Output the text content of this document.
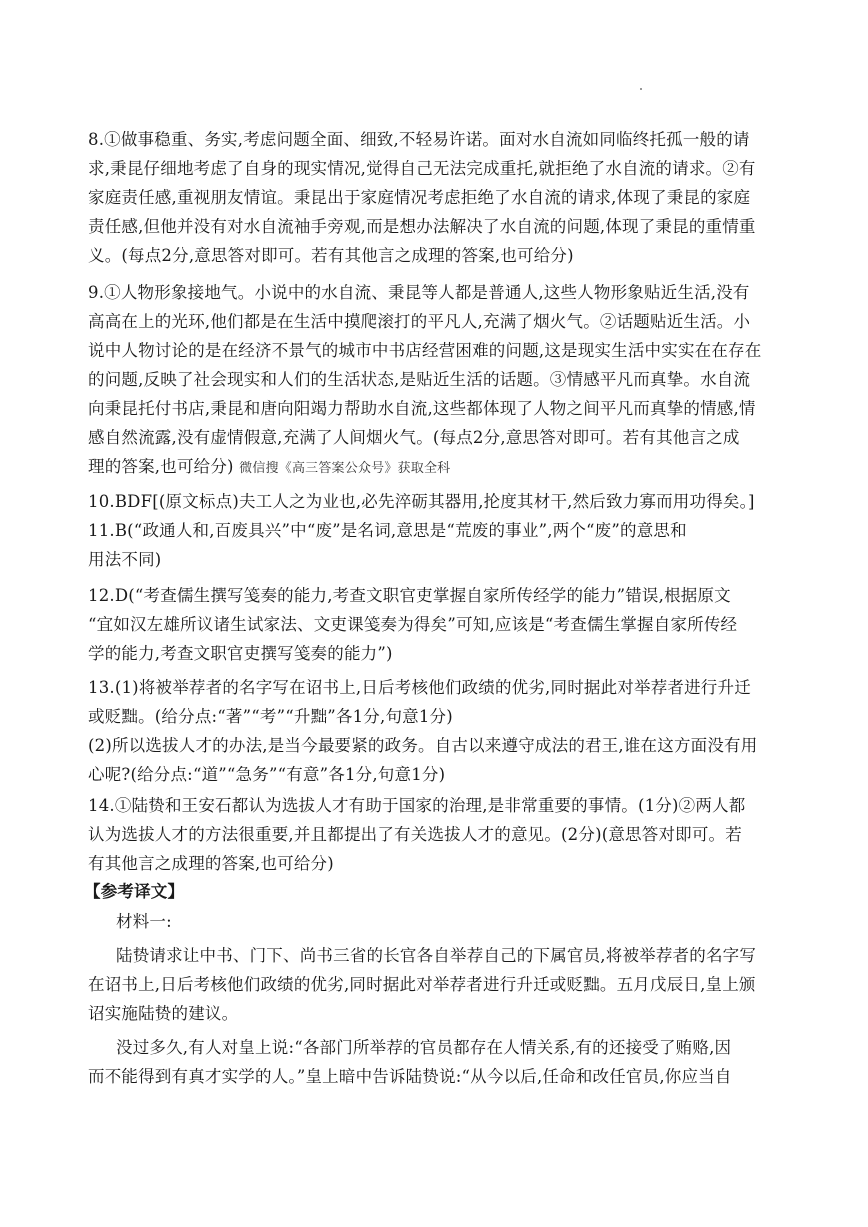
8.①做事稳重、务实,考虑问题全面、细致,不轻易许诺。面对水自流如同临终托孤一般的请
求,秉昆仔细地考虑了自身的现实情况,觉得自己无法完成重托,就拒绝了水自流的请求。②有
家庭责任感,重视朋友情谊。秉昆出于家庭情况考虑拒绝了水自流的请求,体现了秉昆的家庭
责任感,但他并没有对水自流袖手旁观,而是想办法解决了水自流的问题,体现了秉昆的重情重
义。(每点2分,意思答对即可。若有其他言之成理的答案,也可给分)
9.①人物形象接地气。小说中的水自流、秉昆等人都是普通人,这些人物形象贴近生活,没有
高高在上的光环,他们都是在生活中摸爬滚打的平凡人,充满了烟火气。②话题贴近生活。小
说中人物讨论的是在经济不景气的城市中书店经营困难的问题,这是现实生活中实实在在存在
的问题,反映了社会现实和人们的生活状态,是贴近生活的话题。③情感平凡而真挚。水自流
向秉昆托付书店,秉昆和唐向阳竭力帮助水自流,这些都体现了人物之间平凡而真挚的情感,情
感自然流露,没有虚情假意,充满了人间烟火气。(每点2分,意思答对即可。若有其他言之成
理的答案,也可给分) 微信搜《高三答案公众号》获取全科
10.BDF[(原文标点)夫工人之为业也,必先淬砺其器用,抡度其材干,然后致力寡而用功得矣。]
11.B(“政通人和,百废具兴”中“废”是名词,意思是“荒废的事业”,两个“废”的意思和
用法不同)
12.D(“考查儒生撰写笺奏的能力,考查文职官吏掌握自家所传经学的能力”错误,根据原文
“宜如汉左雄所议诸生试家法、文吏课笺奏为得矣”可知,应该是“考查儒生掌握自家所传经
学的能力,考查文职官吏撰写笺奏的能力”)
13.(1)将被举荐者的名字写在诏书上,日后考核他们政绩的优劣,同时据此对举荐者进行升迁
或贬黜。(给分点:“著”“考”“升黜”各1分,句意1分)
(2)所以选拔人才的办法,是当今最要紧的政务。自古以来遵守成法的君王,谁在这方面没有用
心呢?(给分点:“道”“急务”“有意”各1分,句意1分)
14.①陆贽和王安石都认为选拔人才有助于国家的治理,是非常重要的事情。(1分)②两人都
认为选拔人才的方法很重要,并且都提出了有关选拔人才的意见。(2分)(意思答对即可。若
有其他言之成理的答案,也可给分)
【参考译文】
材料一:
陆贽请求让中书、门下、尚书三省的长官各自举荐自己的下属官员,将被举荐者的名字写
在诏书上,日后考核他们政绩的优劣,同时据此对举荐者进行升迁或贬黜。五月戊辰日,皇上颁
诏实施陆贽的建议。
没过多久,有人对皇上说:“各部门所举荐的官员都存在人情关系,有的还接受了贿赂,因
而不能得到有真才实学的人。”皇上暗中告诉陆贽说:“从今以后,任命和改任官员,你应当自
